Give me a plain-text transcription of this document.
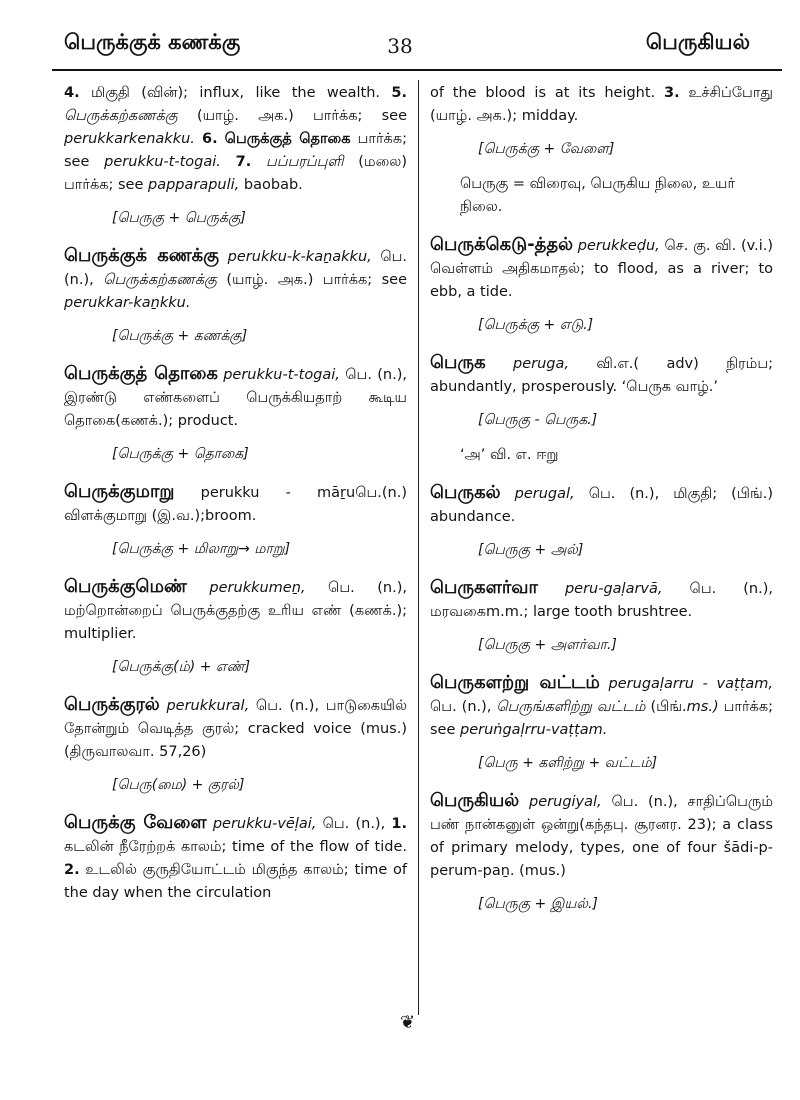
பெருக்குக் கணக்கு	38	பெருகியல்
4. மிகுதி (வின்); influx, like the wealth. 5. பெருக்கற்கணக்கு (யாழ். அக.) பார்க்க; see perukkarkenakku. 6. பெருக்குத் தொகை பார்க்க; see perukku-t-togai. 7. பப்பரப்புளி (மலை) பார்க்க; see papparapuli, baobab.
[பெருகு + பெருக்கு]
பெருக்குக் கணக்கு perukku-k-kaṉakku, பெ. (n.), பெருக்கற்கணக்கு (யாழ். அக.) பார்க்க; see perukkar-kaṉkku.
[பெருக்கு + கணக்கு]
பெருக்குத் தொகை perukku-t-togai, பெ. (n.), இரண்டு எண்களைப் பெருக்கியதாற் கூடிய தொகை(கணக்.); product.
[பெருக்கு + தொகை]
பெருக்குமாறு perukku - māṟuபெ.(n.) விளக்குமாறு (இ.வ.);broom.
[பெருக்கு + மிலாறு→ மாறு]
பெருக்குமெண் perukkumeṉ, பெ. (n.), மற்றொன்றைப் பெருக்குதற்கு உரிய எண் (கணக்.); multiplier.
[பெருக்கு(ம்) + எண்]
பெருக்குரல் perukkural, பெ. (n.), பாடுகையில் தோன்றும் வெடித்த குரல்; cracked voice (mus.) (திருவாலவா. 57,26)
[பெரு(மை) + குரல்]
பெருக்கு வேளை perukku-vēḷai, பெ. (n.), 1. கடலின் நீரேற்றக் காலம்; time of the flow of tide. 2. உடலில் குருதியோட்டம் மிகுந்த காலம்; time of the day when the circulation
of the blood is at its height. 3. உச்சிப்போது (யாழ். அக.); midday.
[பெருக்கு + வேளை]
பெருகு = விரைவு, பெருகிய நிலை, உயர் நிலை.
பெருக்கெடு-த்தல் perukkeḍu, செ. கு. வி. (v.i.) வெள்ளம் அதிகமாதல்; to flood, as a river; to ebb, a tide.
[பெருக்கு + எடு.]
பெருக peruga, வி.எ.( adv) நிரம்ப; abundantly, prosperously. ‘பெருக வாழ்.’
[பெருகு - பெருக.]
‘அ’ வி. எ. ஈறு
பெருகல் perugal, பெ. (n.), மிகுதி; (பிங்.) abundance.
[பெருகு + அல்]
பெருகளர்வா peru-gaḷarvā, பெ. (n.), மரவகைm.m.; large tooth brushtree.
[பெருகு + அளர்வா.]
பெருகளற்று வட்டம் perugaḷarru - vaṭṭam, பெ. (n.), பெருங்களிற்று வட்டம் (பிங்.ms.) பார்க்க; see peruṅgaḷrru-vaṭṭam.
[பெரு + களிற்று + வட்டம்]
பெருகியல் perugiyal, பெ. (n.), சாதிப்பெரும் பண் நான்கனுள் ஒன்று(கந்தபு. சூரனர. 23); a class of primary melody, types, one of four šādi-p-perum-paṉ. (mus.)
[பெருகு + இயல்.]
❦
